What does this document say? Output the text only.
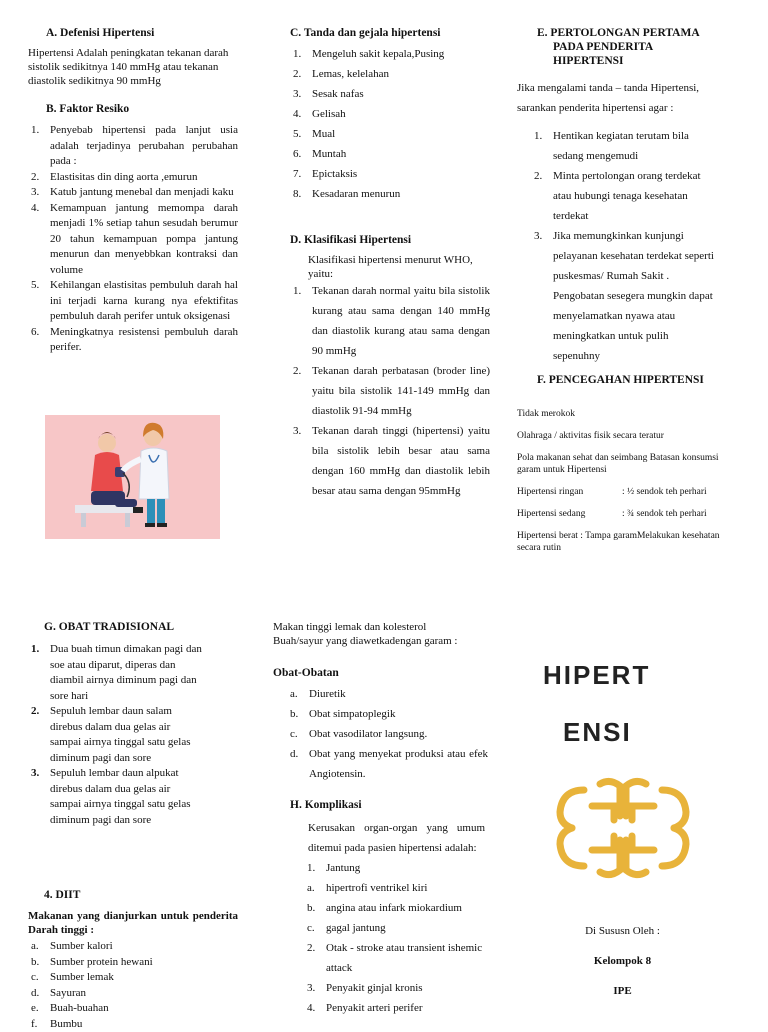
A. Defenisi Hipertensi
Hipertensi Adalah peningkatan tekanan darah sistolik sedikitnya 140 mmHg atau tekanan diastolik sedikitnya 90 mmHg
B. Faktor Resiko
1. Penyebab hipertensi pada lanjut usia adalah terjadinya perubahan perubahan pada :
2. Elastisitas din ding aorta ,emurun
3. Katub jantung menebal dan menjadi kaku
4. Kemampuan jantung memompa darah menjadi 1% setiap tahun sesudah berumur 20 tahun kemampuan pompa jantung menurun dan menyebbkan kontraksi dan volume
5. Kehilangan elastisitas pembuluh darah hal ini terjadi karna kurang nya efektifitas pembuluh darah perifer untuk oksigenasi
6. Meningkatnya resistensi pembuluh darah perifer.
C. Tanda dan gejala hipertensi
1. Mengeluh sakit kepala,Pusing
2. Lemas, kelelahan
3. Sesak nafas
4. Gelisah
5. Mual
6. Muntah
7. Epictaksis
8. Kesadaran menurun
D. Klasifikasi Hipertensi
Klasifikasi hipertensi menurut WHO, yaitu:
1. Tekanan darah normal yaitu bila sistolik kurang atau sama dengan 140 mmHg dan diastolik kurang atau sama dengan 90 mmHg
2. Tekanan darah perbatasan (broder line) yaitu bila sistolik 141-149 mmHg dan diastolik 91-94 mmHg
3. Tekanan darah tinggi (hipertensi) yaitu bila sistolik lebih besar atau sama dengan 160 mmHg dan diastolik lebih besar atau sama dengan 95mmHg
E. PERTOLONGAN PERTAMA PADA PENDERITA HIPERTENSI
Jika mengalami tanda – tanda Hipertensi, sarankan penderita hipertensi agar :
1. Hentikan kegiatan terutam bila sedang mengemudi
2. Minta pertolongan orang terdekat atau hubungi tenaga kesehatan terdekat
3. Jika memungkinkan kunjungi pelayanan kesehatan terdekat seperti puskesmas/ Rumah Sakit . Pengobatan sesegera mungkin dapat menyelamatkan nyawa atau meningkatkan untuk pulih sepenuhny
F. PENCEGAHAN HIPERTENSI
Tidak merokok
Olahraga / aktivitas fisik secara teratur
Pola makanan sehat dan seimbang Batasan konsumsi garam untuk Hipertensi
Hipertensi ringan	: ½ sendok teh perhari
Hipertensi sedang	: ¾ sendok teh perhari
Hipertensi berat : Tampa garamMelakukan kesehatan secara rutin
G. OBAT TRADISIONAL
1. Dua buah timun dimakan pagi dan soe atau diparut, diperas dan diambil airnya diminum pagi dan sore hari
2. Sepuluh lembar daun salam direbus dalam dua gelas air sampai airnya tinggal satu gelas diminum pagi dan sore
3. Sepuluh lembar daun alpukat direbus dalam dua gelas air sampai airnya tinggal satu gelas diminum pagi dan sore
4. DIIT
Makanan yang dianjurkan untuk penderita Darah tinggi :
a. Sumber kalori
b. Sumber protein hewani
c. Sumber lemak
d. Sayuran
e. Buah-buahan
f. Bumbu
Makan tinggi lemak dan kolesterol
Buah/sayur yang diawetkadengan garam :
Obat-Obatan
a. Diuretik
b. Obat simpatoplegik
c. Obat vasodilator langsung.
d. Obat yang menyekat produksi atau efek Angiotensin.
H. Komplikasi
Kerusakan organ-organ yang umum ditemui pada pasien hipertensi adalah:
1. Jantung
a. hipertrofi ventrikel kiri
b. angina atau infark miokardium
c. gagal jantung
2. Otak - stroke atau transient ishemic attack
3. Penyakit ginjal kronis
4. Penyakit arteri perifer
HIPERT
ENSI
Di Sususn Oleh :
Kelompok 8
IPE
